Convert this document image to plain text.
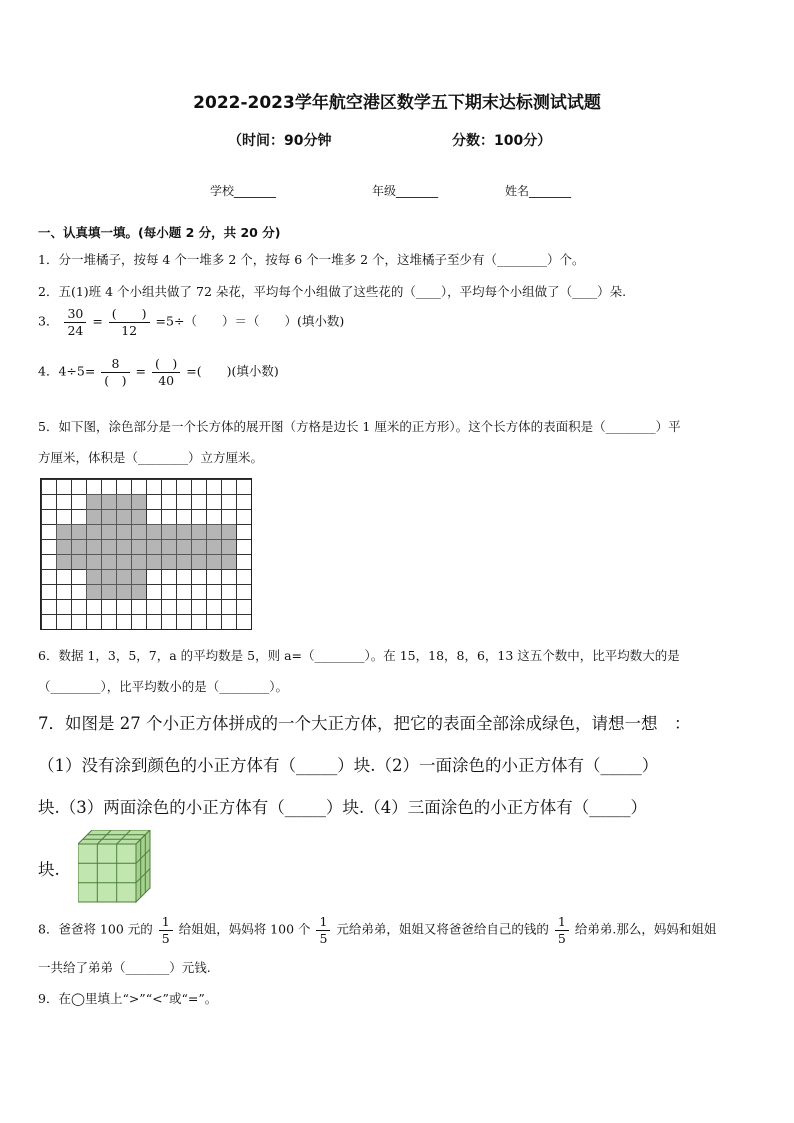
2022-2023学年航空港区数学五下期末达标测试试题
（时间：90分钟	分数：100分）
学校_______	年级_______	姓名_______
一、认真填一填。(每小题 2 分，共 20 分)
1．分一堆橘子，按每 4 个一堆多 2 个，按每 6 个一堆多 2 个，这堆橘子至少有（________）个。
2．五(1)班 4 个小组共做了 72 朵花，平均每个小组做了这些花的（____），平均每个小组做了（____）朵.
3． $\frac{30}{24} = \frac{( )}{12} =5\div$（　　）＝（　　）(填小数)
4．$4\div 5= \frac{8}{( )} = \frac{( )}{40}$ =(　　)(填小数)
5．如下图，涂色部分是一个长方体的展开图（方格是边长 1 厘米的正方形）。这个长方体的表面积是（________）平
方厘米，体积是（________）立方厘米。
6．数据 1，3，5，7，a 的平均数是 5，则 a=（________）。在 15，18，8，6，13 这五个数中，比平均数大的是
（________），比平均数小的是（________）。
7．如图是 27 个小正方体拼成的一个大正方体，把它的表面全部涂成绿色，请想一想　：
（1）没有涂到颜色的小正方体有（_____）块.（2）一面涂色的小正方体有（_____）
块.（3）两面涂色的小正方体有（_____）块.（4）三面涂色的小正方体有（_____）
块.
8．爸爸将 100 元的 $\frac{1}{5}$ 给姐姐，妈妈将 100 个 $\frac{1}{5}$ 元给弟弟，姐姐又将爸爸给自己的钱的 $\frac{1}{5}$ 给弟弟.那么，妈妈和姐姐
一共给了弟弟（_______）元钱.
9．在◯里填上“>”“<”或“=”。
